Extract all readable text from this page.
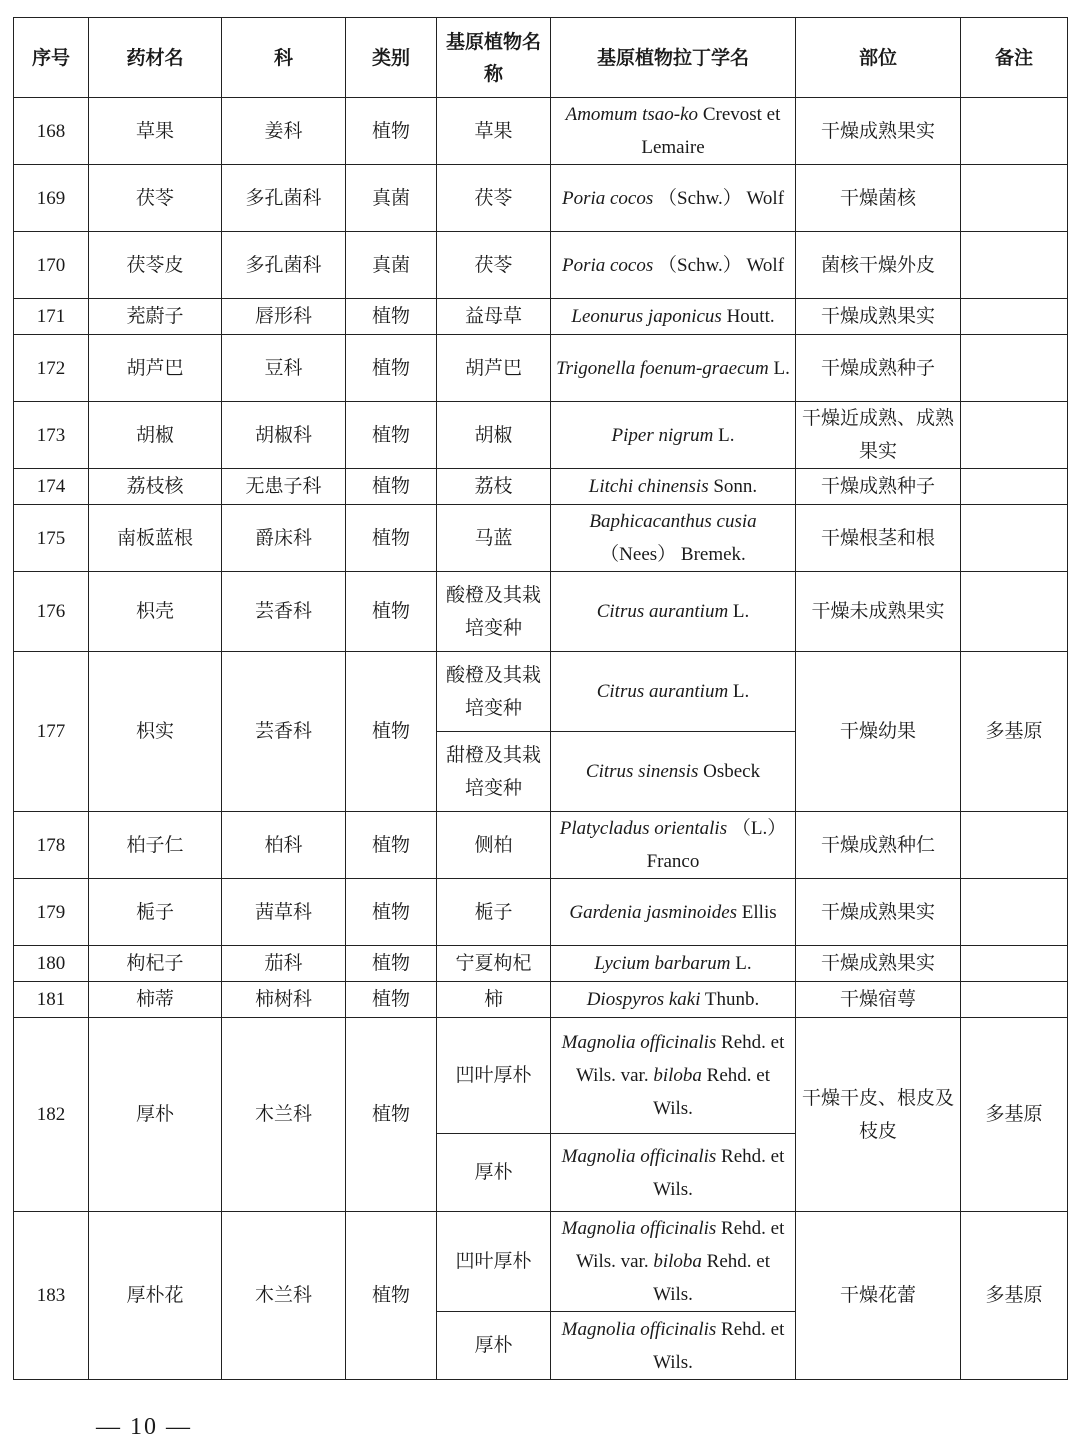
序号	药材名	科	类别	基原植物名称	基原植物拉丁学名	部位	备注
168	草果	姜科	植物	草果	Amomum tsao-ko Crevost et Lemaire	干燥成熟果实	
169	茯苓	多孔菌科	真菌	茯苓	Poria cocos （Schw.） Wolf	干燥菌核	
170	茯苓皮	多孔菌科	真菌	茯苓	Poria cocos （Schw.） Wolf	菌核干燥外皮	
171	茺蔚子	唇形科	植物	益母草	Leonurus japonicus Houtt.	干燥成熟果实	
172	胡芦巴	豆科	植物	胡芦巴	Trigonella foenum-graecum L.	干燥成熟种子	
173	胡椒	胡椒科	植物	胡椒	Piper nigrum L.	干燥近成熟、成熟果实	
174	荔枝核	无患子科	植物	荔枝	Litchi chinensis Sonn.	干燥成熟种子	
175	南板蓝根	爵床科	植物	马蓝	Baphicacanthus cusia （Nees） Bremek.	干燥根茎和根	
176	枳壳	芸香科	植物	酸橙及其栽培变种	Citrus aurantium L.	干燥未成熟果实	
177	枳实	芸香科	植物	酸橙及其栽培变种	Citrus aurantium L.	干燥幼果	多基原
				甜橙及其栽培变种	Citrus sinensis Osbeck		
178	柏子仁	柏科	植物	侧柏	Platycladus orientalis （L.） Franco	干燥成熟种仁	
179	栀子	茜草科	植物	栀子	Gardenia jasminoides Ellis	干燥成熟果实	
180	枸杞子	茄科	植物	宁夏枸杞	Lycium barbarum L.	干燥成熟果实	
181	柿蒂	柿树科	植物	柿	Diospyros kaki Thunb.	干燥宿萼	
182	厚朴	木兰科	植物	凹叶厚朴	Magnolia officinalis Rehd. et Wils. var. biloba Rehd. et Wils.	干燥干皮、根皮及枝皮	多基原
				厚朴	Magnolia officinalis Rehd. et Wils.		
183	厚朴花	木兰科	植物	凹叶厚朴	Magnolia officinalis Rehd. et Wils. var. biloba Rehd. et Wils.	干燥花蕾	多基原
				厚朴	Magnolia officinalis Rehd. et Wils.		
— 10 —
